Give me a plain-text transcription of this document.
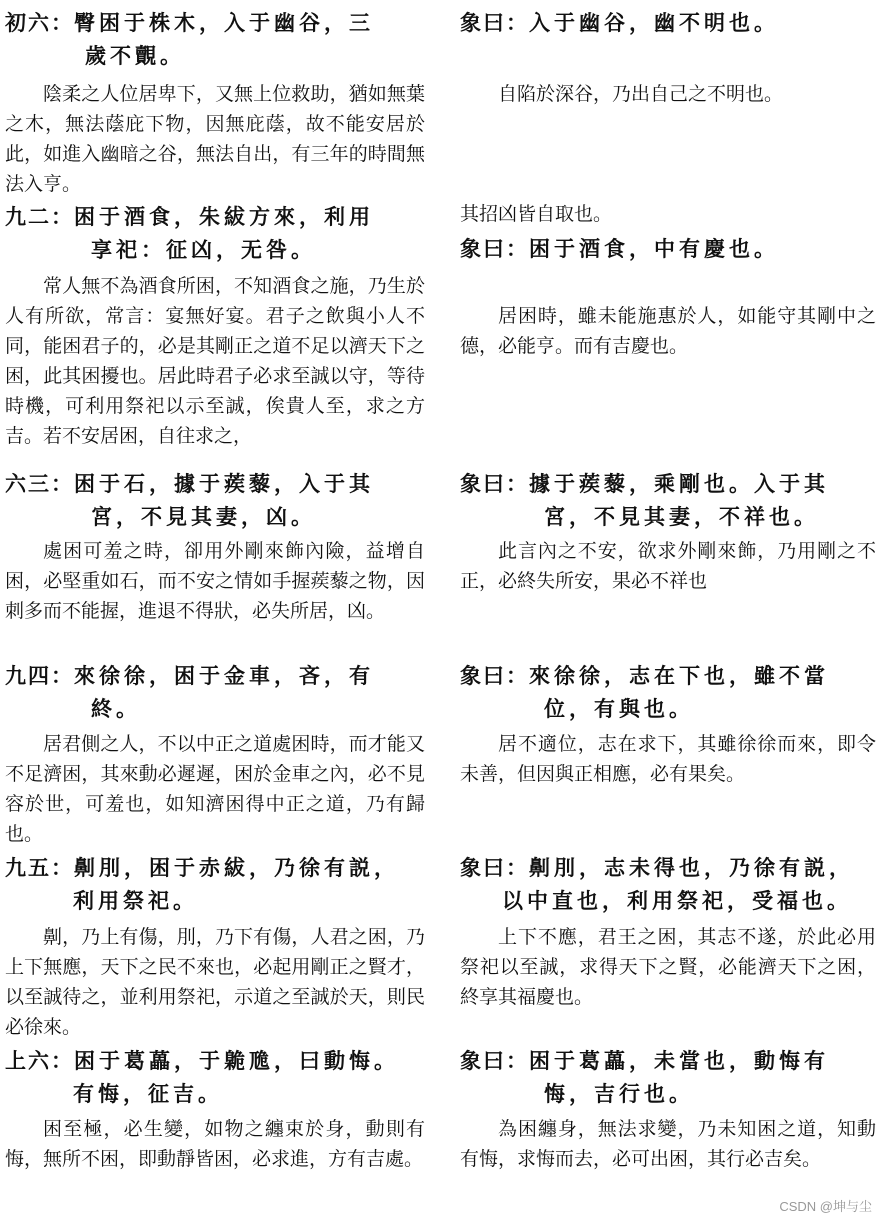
初六：臀困于株木，入于幽谷，三
歲不覿。

陰柔之人位居卑下，又無上位救助，猶如無葉之木，無法蔭庇下物，因無庇蔭，故不能安居於此，如進入幽暗之谷，無法自出，有三年的時間無法入亨。

象曰：入于幽谷，幽不明也。

自陷於深谷，乃出自己之不明也。

九二：困于酒食，朱紱方來，利用
享祀：征凶，无咎。

常人無不為酒食所困，不知酒食之施，乃生於人有所欲，常言：宴無好宴。君子之飲與小人不同，能困君子的，必是其剛正之道不足以濟天下之困，此其困擾也。居此時君子必求至誠以守，等待時機，可利用祭祀以示至誠，俟貴人至，求之方吉。若不安居困，自往求之，

其招凶皆自取也。

象曰：困于酒食，中有慶也。

居困時，雖未能施惠於人，如能守其剛中之德，必能亨。而有吉慶也。

六三：困于石，據于蒺藜，入于其
宮，不見其妻，凶。

處困可羞之時，卻用外剛來飾內險，益增自困，必堅重如石，而不安之情如手握蒺藜之物，因刺多而不能握，進退不得狀，必失所居，凶。

象曰：據于蒺藜，乘剛也。入于其
宮，不見其妻，不祥也。

此言內之不安，欲求外剛來飾，乃用剛之不正，必終失所安，果必不祥也

九四：來徐徐，困于金車，吝，有
終。

居君側之人，不以中正之道處困時，而才能又不足濟困，其來動必遲遲，困於金車之內，必不見容於世，可羞也，如知濟困得中正之道，乃有歸也。

象曰：來徐徐，志在下也，雖不當
位，有與也。

居不適位，志在求下，其雖徐徐而來，即令未善，但因與正相應，必有果矣。

九五：劓刖，困于赤紱，乃徐有説，
利用祭祀。

劓，乃上有傷，刖，乃下有傷，人君之困，乃上下無應，天下之民不來也，必起用剛正之賢才，以至誠待之，並利用祭祀，示道之至誠於天，則民必徐來。

象曰：劓刖，志未得也，乃徐有説，
以中直也，利用祭祀，受福也。

上下不應，君王之困，其志不遂，於此必用祭祀以至誠，求得天下之賢，必能濟天下之困，終享其福慶也。

上六：困于葛藟，于臲卼，曰動悔。
有悔，征吉。

困至極，必生變，如物之纏束於身，動則有悔，無所不困，即動靜皆困，必求進，方有吉處。

象曰：困于葛藟，未當也，動悔有
悔，吉行也。

為困纏身，無法求變，乃未知困之道，知動有悔，求悔而去，必可出困，其行必吉矣。

CSDN @坤与尘
